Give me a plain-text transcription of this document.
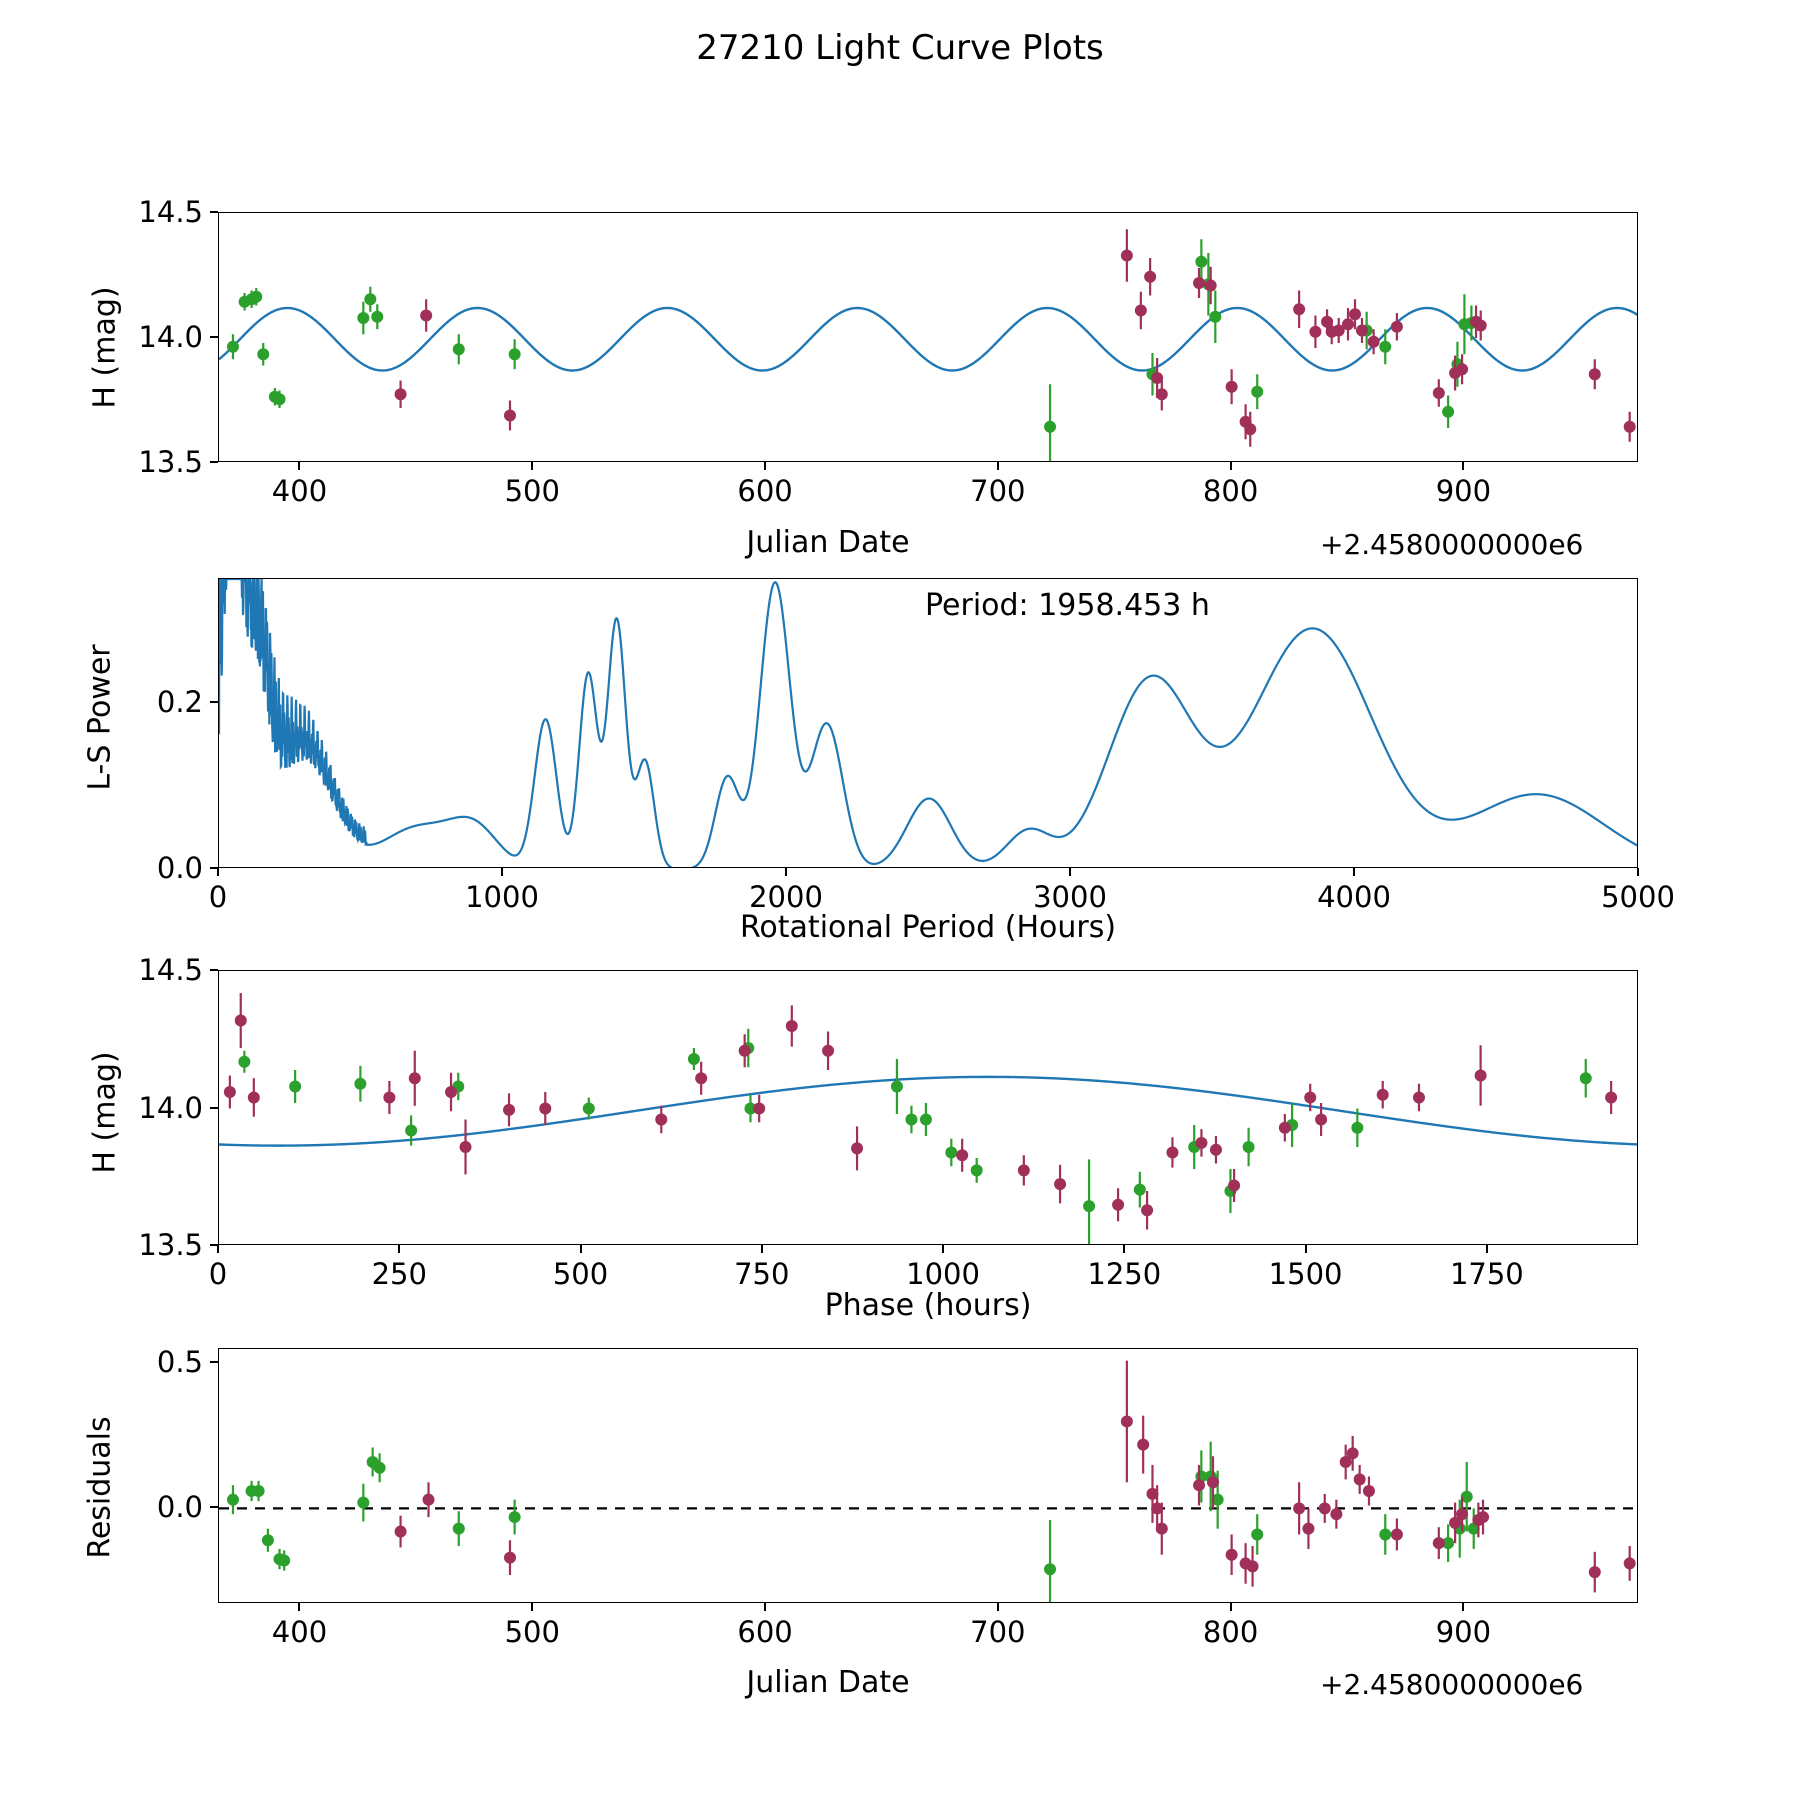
27210 Light Curve Plots
H (mag)
Julian Date	+2.4580000000e6
400	500	600	700	800	900
13.5
14.0
14.5
Period: 1958.453 h
L-S Power
Rotational Period (Hours)
0	1000	2000	3000	4000	5000
0.0
0.2
H (mag)
Phase (hours)
0	250	500	750	1000	1250	1500	1750
13.5
14.0
14.5
Residuals
Julian Date	+2.4580000000e6
400	500	600	700	800	900
0.0
0.5
